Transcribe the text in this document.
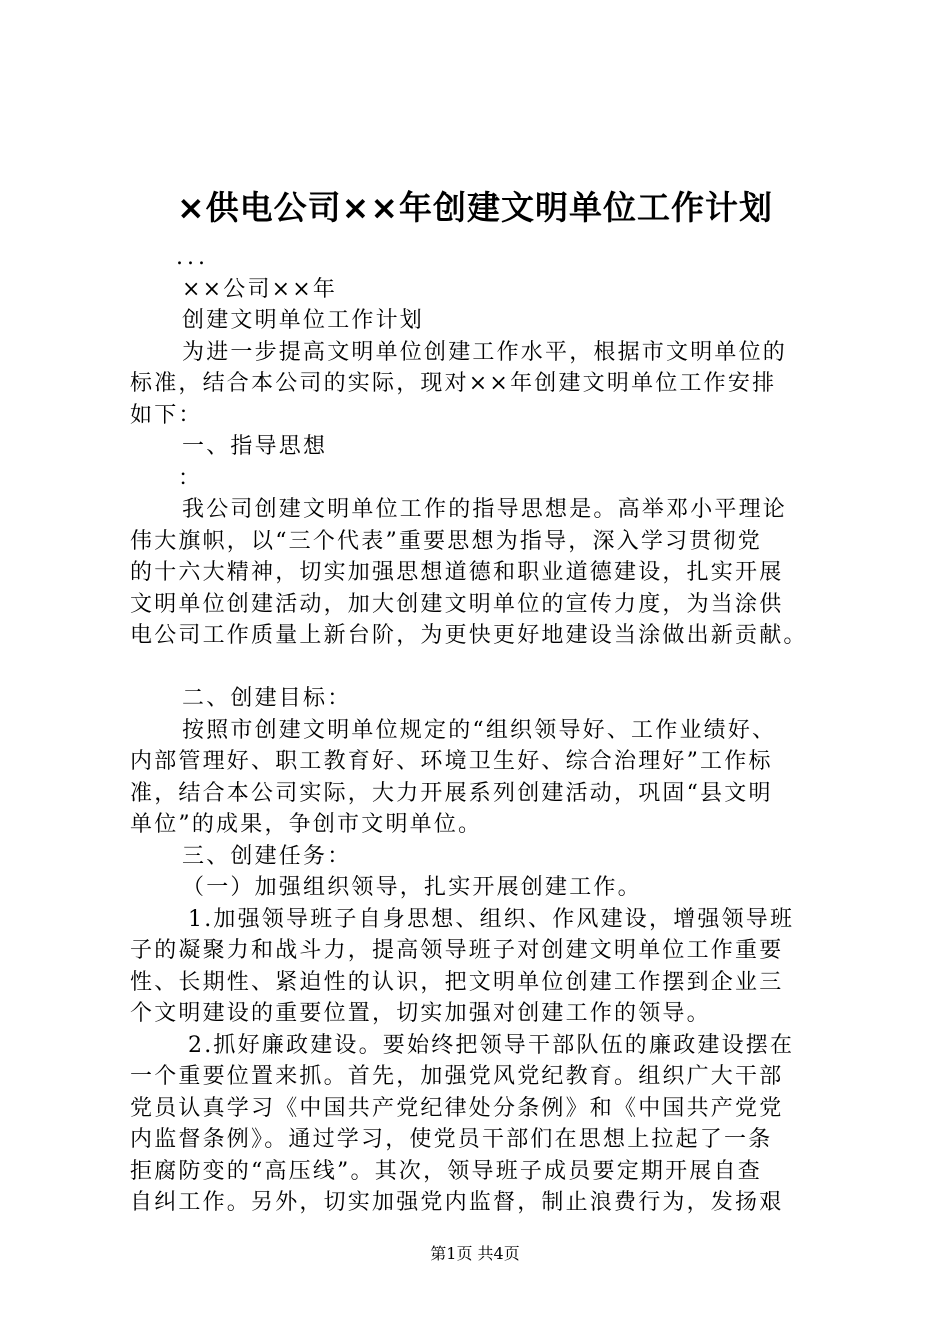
×供电公司××年创建文明单位工作计划

...

××公司××年

创建文明单位工作计划

为进一步提高文明单位创建工作水平，根据市文明单位的

标准，结合本公司的实际，现对××年创建文明单位工作安排

如下：

一、指导思想

：

我公司创建文明单位工作的指导思想是。高举邓小平理论

伟大旗帜，以“三个代表”重要思想为指导，深入学习贯彻党

的十六大精神，切实加强思想道德和职业道德建设，扎实开展

文明单位创建活动，加大创建文明单位的宣传力度，为当涂供

电公司工作质量上新台阶，为更快更好地建设当涂做出新贡献。

二、创建目标：

按照市创建文明单位规定的“组织领导好、工作业绩好、

内部管理好、职工教育好、环境卫生好、综合治理好”工作标

准，结合本公司实际，大力开展系列创建活动，巩固“县文明

单位”的成果，争创市文明单位。

三、创建任务：

（一）加强组织领导，扎实开展创建工作。

1.加强领导班子自身思想、组织、作风建设，增强领导班

子的凝聚力和战斗力，提高领导班子对创建文明单位工作重要

性、长期性、紧迫性的认识，把文明单位创建工作摆到企业三

个文明建设的重要位置，切实加强对创建工作的领导。

2.抓好廉政建设。要始终把领导干部队伍的廉政建设摆在

一个重要位置来抓。首先，加强党风党纪教育。组织广大干部

党员认真学习《中国共产党纪律处分条例》和《中国共产党党

内监督条例》。通过学习，使党员干部们在思想上拉起了一条

拒腐防变的“高压线”。其次，领导班子成员要定期开展自查

自纠工作。另外，切实加强党内监督，制止浪费行为，发扬艰

第1页 共4页
